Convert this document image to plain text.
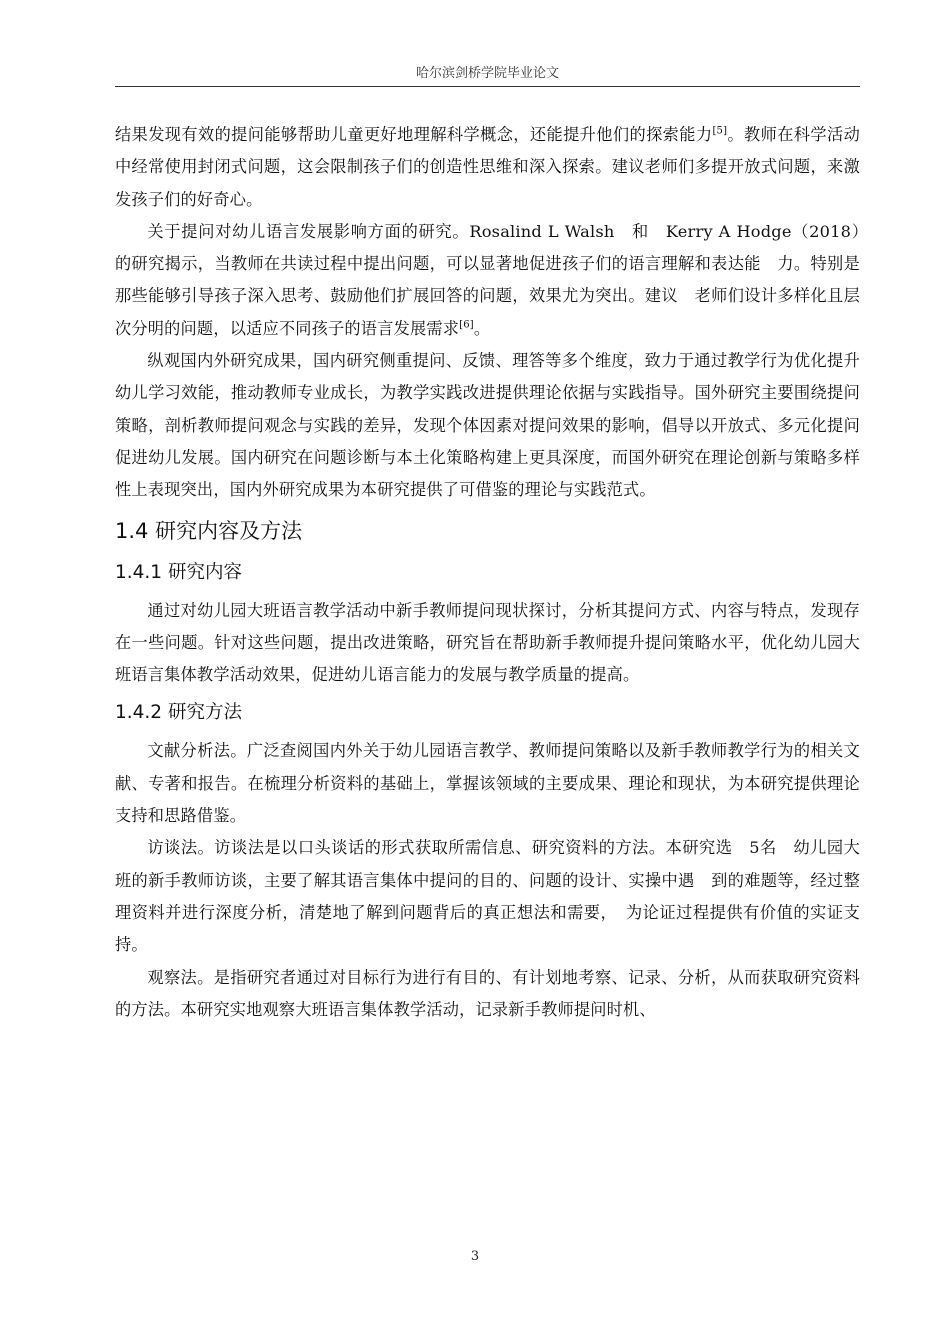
哈尔滨剑桥学院毕业论文

结果发现有效的提问能够帮助儿童更好地理解科学概念，还能提升他们的探索能力[5]。教师在科学活动中经常使用封闭式问题，这会限制孩子们的创造性思维和深入探索。建议老师们多提开放式问题，来激发孩子们的好奇心。

关于提问对幼儿语言发展影响方面的研究。Rosalind L Walsh　和　Kerry A Hodge（2018）　的研究揭示，当教师在共读过程中提出问题，可以显著地促进孩子们的语言理解和表达能　力。特别是那些能够引导孩子深入思考、鼓励他们扩展回答的问题，效果尤为突出。建议　老师们设计多样化且层次分明的问题，以适应不同孩子的语言发展需求[6]。

纵观国内外研究成果，国内研究侧重提问、反馈、理答等多个维度，致力于通过教学行为优化提升幼儿学习效能，推动教师专业成长，为教学实践改进提供理论依据与实践指导。国外研究主要围绕提问策略，剖析教师提问观念与实践的差异，发现个体因素对提问效果的影响，倡导以开放式、多元化提问促进幼儿发展。国内研究在问题诊断与本土化策略构建上更具深度，而国外研究在理论创新与策略多样性上表现突出，国内外研究成果为本研究提供了可借鉴的理论与实践范式。

1.4 研究内容及方法
1.4.1 研究内容

通过对幼儿园大班语言教学活动中新手教师提问现状探讨，分析其提问方式、内容与特点，发现存在一些问题。针对这些问题，提出改进策略，研究旨在帮助新手教师提升提问策略水平，优化幼儿园大班语言集体教学活动效果，促进幼儿语言能力的发展与教学质量的提高。

1.4.2 研究方法

文献分析法。广泛查阅国内外关于幼儿园语言教学、教师提问策略以及新手教师教学行为的相关文献、专著和报告。在梳理分析资料的基础上，掌握该领域的主要成果、理论和现状，为本研究提供理论支持和思路借鉴。

访谈法。访谈法是以口头谈话的形式获取所需信息、研究资料的方法。本研究选　5名　幼儿园大班的新手教师访谈，主要了解其语言集体中提问的目的、问题的设计、实操中遇　到的难题等，经过整理资料并进行深度分析，清楚地了解到问题背后的真正想法和需要，　为论证过程提供有价值的实证支持。

观察法。是指研究者通过对目标行为进行有目的、有计划地考察、记录、分析，从而获取研究资料的方法。本研究实地观察大班语言集体教学活动，记录新手教师提问时机、

3
